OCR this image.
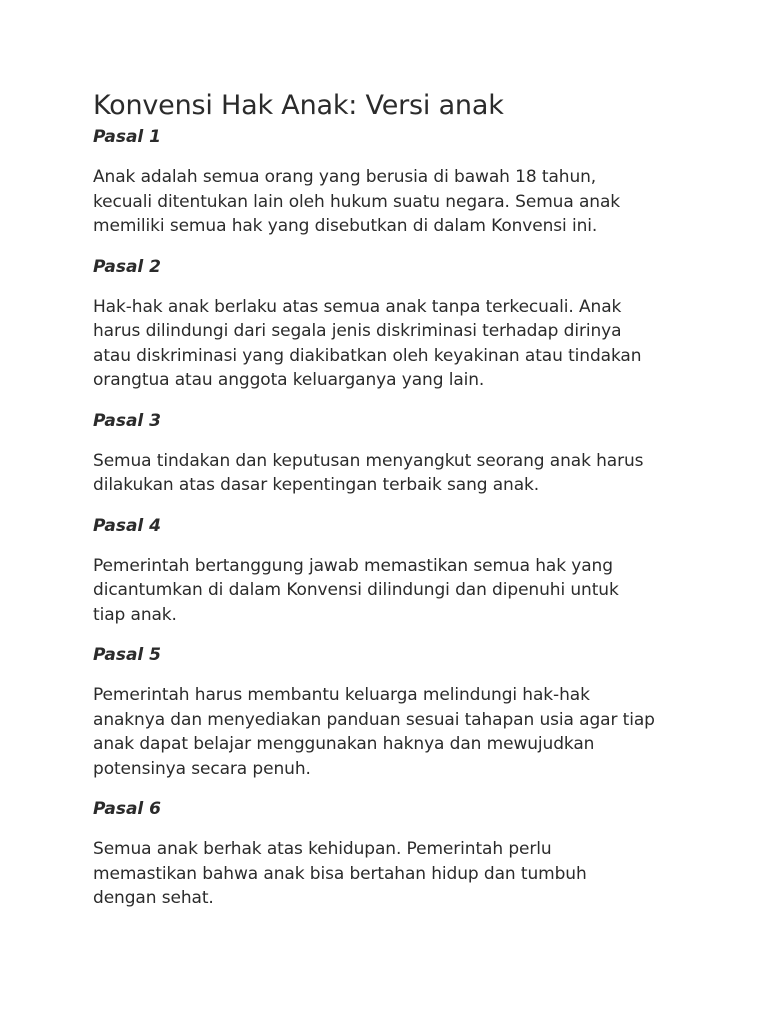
Konvensi Hak Anak: Versi anak

Pasal 1

Anak adalah semua orang yang berusia di bawah 18 tahun,
kecuali ditentukan lain oleh hukum suatu negara. Semua anak
memiliki semua hak yang disebutkan di dalam Konvensi ini.

Pasal 2

Hak-hak anak berlaku atas semua anak tanpa terkecuali. Anak
harus dilindungi dari segala jenis diskriminasi terhadap dirinya
atau diskriminasi yang diakibatkan oleh keyakinan atau tindakan
orangtua atau anggota keluarganya yang lain.

Pasal 3

Semua tindakan dan keputusan menyangkut seorang anak harus
dilakukan atas dasar kepentingan terbaik sang anak.

Pasal 4

Pemerintah bertanggung jawab memastikan semua hak yang
dicantumkan di dalam Konvensi dilindungi dan dipenuhi untuk
tiap anak.

Pasal 5

Pemerintah harus membantu keluarga melindungi hak-hak
anaknya dan menyediakan panduan sesuai tahapan usia agar tiap
anak dapat belajar menggunakan haknya dan mewujudkan
potensinya secara penuh.

Pasal 6

Semua anak berhak atas kehidupan. Pemerintah perlu
memastikan bahwa anak bisa bertahan hidup dan tumbuh
dengan sehat.
